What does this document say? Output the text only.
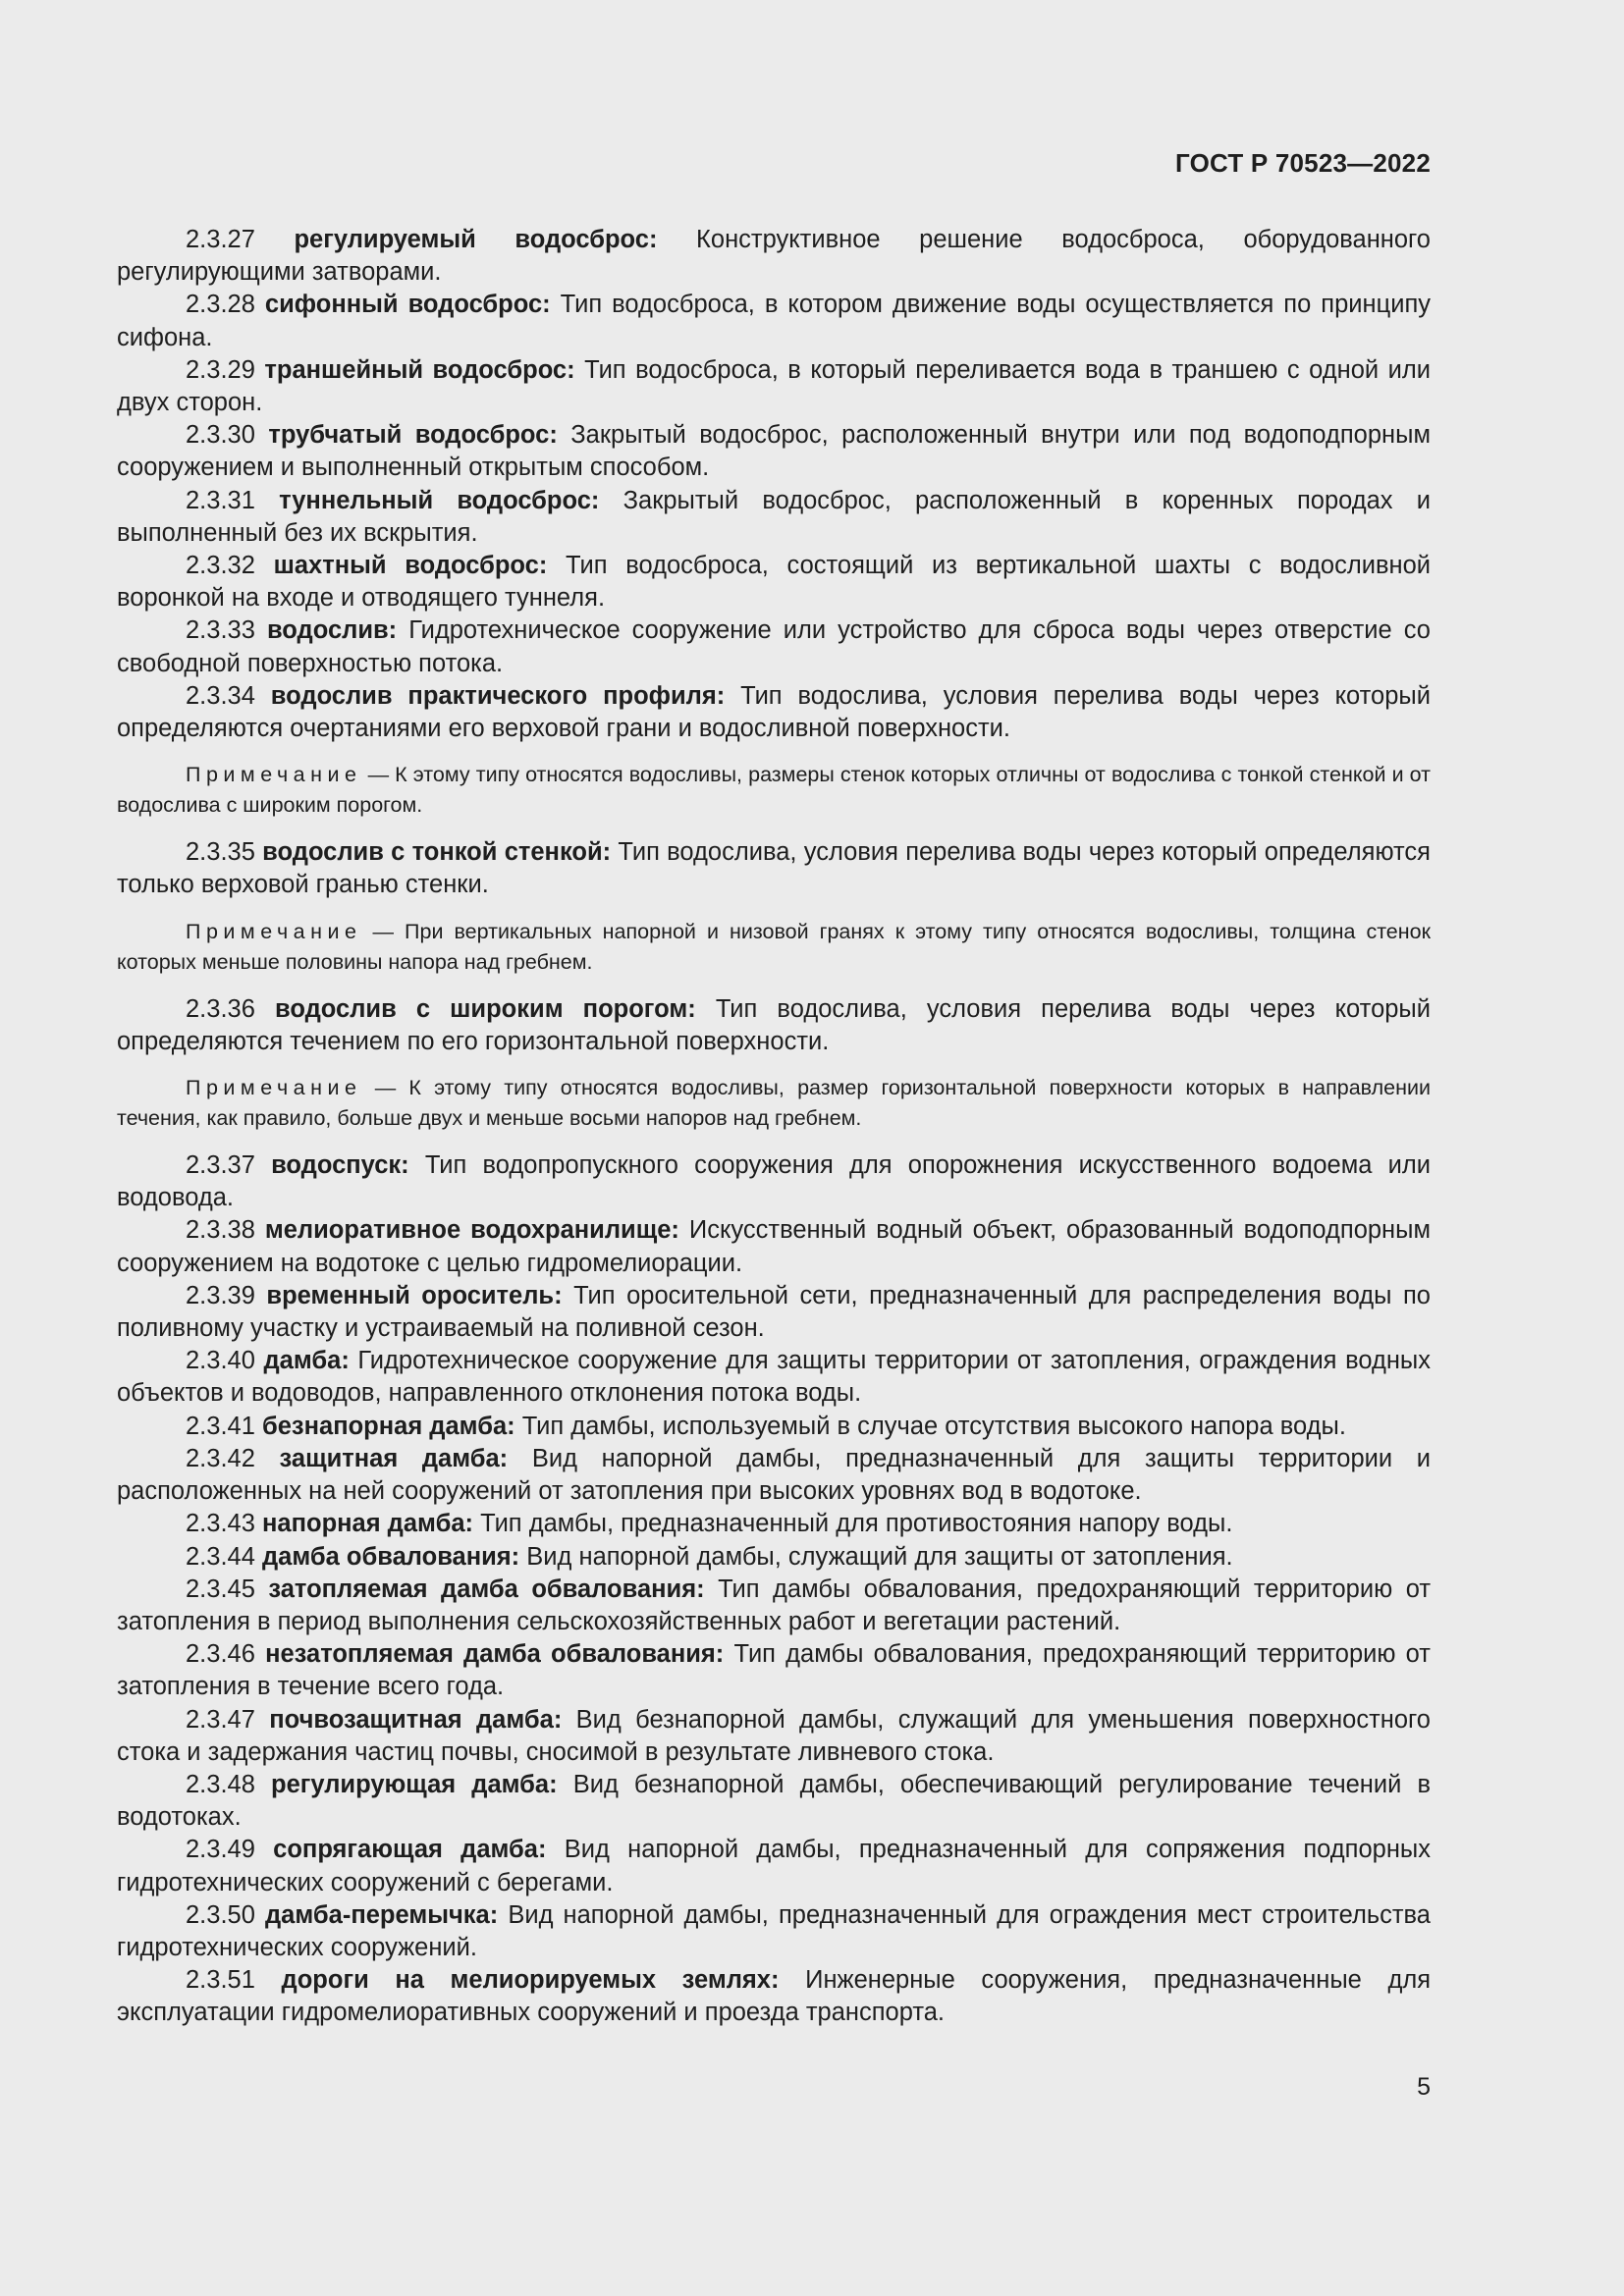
ГОСТ Р 70523—2022

2.3.27 регулируемый водосброс: Конструктивное решение водосброса, оборудованного регулирующими затворами.

2.3.28 сифонный водосброс: Тип водосброса, в котором движение воды осуществляется по принципу сифона.

2.3.29 траншейный водосброс: Тип водосброса, в который переливается вода в траншею с одной или двух сторон.

2.3.30 трубчатый водосброс: Закрытый водосброс, расположенный внутри или под водоподпорным сооружением и выполненный открытым способом.

2.3.31 туннельный водосброс: Закрытый водосброс, расположенный в коренных породах и выполненный без их вскрытия.

2.3.32 шахтный водосброс: Тип водосброса, состоящий из вертикальной шахты с водосливной воронкой на входе и отводящего туннеля.

2.3.33 водослив: Гидротехническое сооружение или устройство для сброса воды через отверстие со свободной поверхностью потока.

2.3.34 водослив практического профиля: Тип водослива, условия перелива воды через который определяются очертаниями его верховой грани и водосливной поверхности.

Примечание — К этому типу относятся водосливы, размеры стенок которых отличны от водослива с тонкой стенкой и от водослива с широким порогом.

2.3.35 водослив с тонкой стенкой: Тип водослива, условия перелива воды через который определяются только верховой гранью стенки.

Примечание — При вертикальных напорной и низовой гранях к этому типу относятся водосливы, толщина стенок которых меньше половины напора над гребнем.

2.3.36 водослив с широким порогом: Тип водослива, условия перелива воды через который определяются течением по его горизонтальной поверхности.

Примечание — К этому типу относятся водосливы, размер горизонтальной поверхности которых в направлении течения, как правило, больше двух и меньше восьми напоров над гребнем.

2.3.37 водоспуск: Тип водопропускного сооружения для опорожнения искусственного водоема или водовода.

2.3.38 мелиоративное водохранилище: Искусственный водный объект, образованный водоподпорным сооружением на водотоке с целью гидромелиорации.

2.3.39 временный ороситель: Тип оросительной сети, предназначенный для распределения воды по поливному участку и устраиваемый на поливной сезон.

2.3.40 дамба: Гидротехническое сооружение для защиты территории от затопления, ограждения водных объектов и водоводов, направленного отклонения потока воды.

2.3.41 безнапорная дамба: Тип дамбы, используемый в случае отсутствия высокого напора воды.

2.3.42 защитная дамба: Вид напорной дамбы, предназначенный для защиты территории и расположенных на ней сооружений от затопления при высоких уровнях вод в водотоке.

2.3.43 напорная дамба: Тип дамбы, предназначенный для противостояния напору воды.

2.3.44 дамба обвалования: Вид напорной дамбы, служащий для защиты от затопления.

2.3.45 затопляемая дамба обвалования: Тип дамбы обвалования, предохраняющий территорию от затопления в период выполнения сельскохозяйственных работ и вегетации растений.

2.3.46 незатопляемая дамба обвалования: Тип дамбы обвалования, предохраняющий территорию от затопления в течение всего года.

2.3.47 почвозащитная дамба: Вид безнапорной дамбы, служащий для уменьшения поверхностного стока и задержания частиц почвы, сносимой в результате ливневого стока.

2.3.48 регулирующая дамба: Вид безнапорной дамбы, обеспечивающий регулирование течений в водотоках.

2.3.49 сопрягающая дамба: Вид напорной дамбы, предназначенный для сопряжения подпорных гидротехнических сооружений с берегами.

2.3.50 дамба-перемычка: Вид напорной дамбы, предназначенный для ограждения мест строительства гидротехнических сооружений.

2.3.51 дороги на мелиорируемых землях: Инженерные сооружения, предназначенные для эксплуатации гидромелиоративных сооружений и проезда транспорта.

5
